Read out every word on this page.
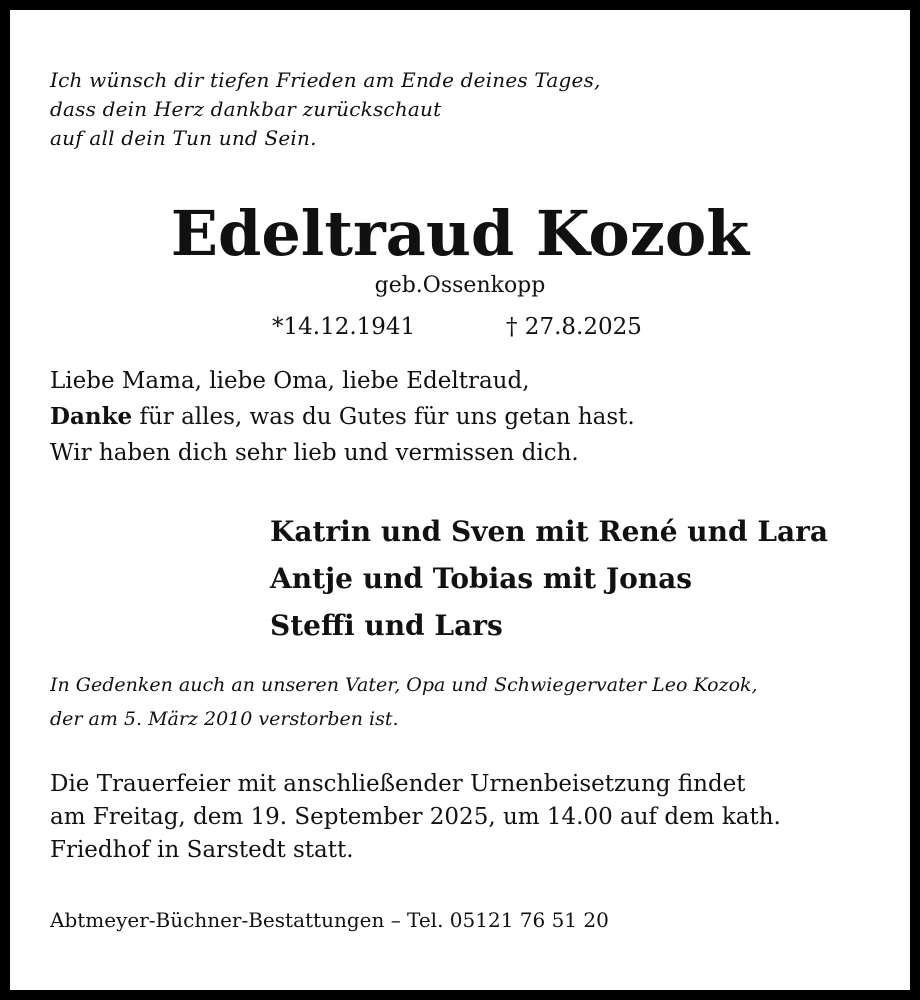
Ich wünsch dir tiefen Frieden am Ende deines Tages,
dass dein Herz dankbar zurückschaut
auf all dein Tun und Sein.
Edeltraud Kozok
geb.Ossenkopp
*14.12.1941	† 27.8.2025
Liebe Mama, liebe Oma, liebe Edeltraud,
Danke für alles, was du Gutes für uns getan hast.
Wir haben dich sehr lieb und vermissen dich.
Katrin und Sven mit René und Lara
Antje und Tobias mit Jonas
Steffi und Lars
In Gedenken auch an unseren Vater, Opa und Schwiegervater Leo Kozok,
der am 5. März 2010 verstorben ist.
Die Trauerfeier mit anschließender Urnenbeisetzung findet
am Freitag, dem 19. September 2025, um 14.00 auf dem kath.
Friedhof in Sarstedt statt.
Abtmeyer-Büchner-Bestattungen – Tel. 05121 76 51 20
